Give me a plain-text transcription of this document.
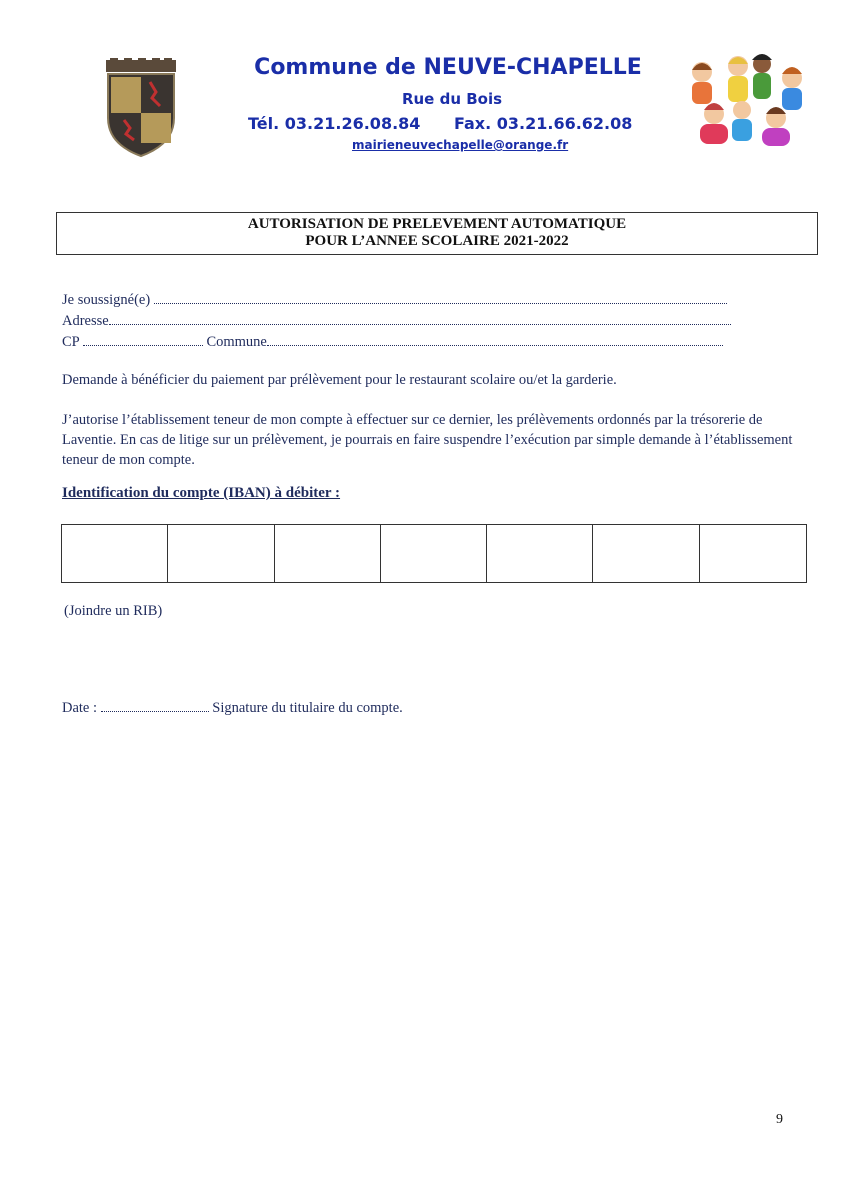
Commune de NEUVE-CHAPELLE
Rue du Bois
Tél. 03.21.26.08.84 Fax. 03.21.66.62.08
mairieneuvechapelle@orange.fr
AUTORISATION DE PRELEVEMENT AUTOMATIQUE
POUR L’ANNEE SCOLAIRE 2021-2022
Je soussigné(e)
Adresse
CP	Commune
Demande à bénéficier du paiement par prélèvement pour le restaurant scolaire ou/et la garderie.
J’autorise l’établissement teneur de mon compte à effectuer sur ce dernier, les prélèvements ordonnés par la trésorerie de Laventie. En cas de litige sur un prélèvement, je pourrais en faire suspendre l’exécution par simple demande à l’établissement teneur de mon compte.
Identification du compte (IBAN) à débiter :
(Joindre un RIB)
Date :	Signature du titulaire du compte.
9
